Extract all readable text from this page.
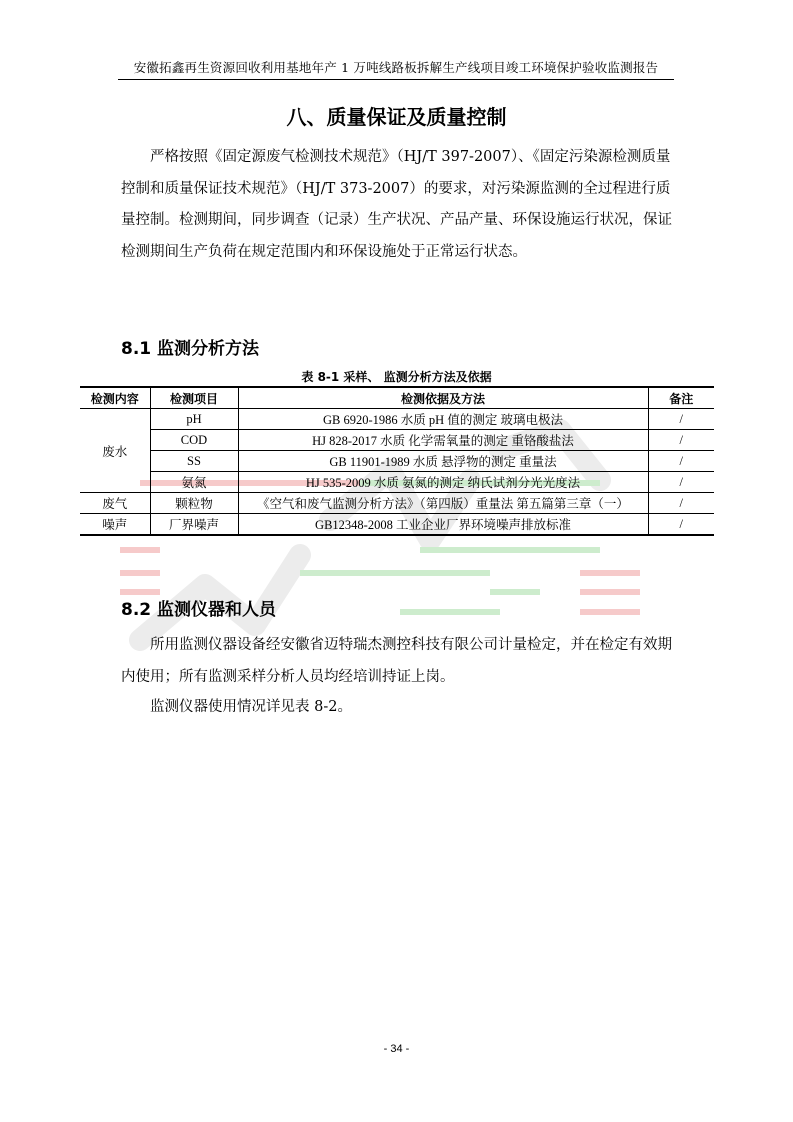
安徽拓鑫再生资源回收利用基地年产 1 万吨线路板拆解生产线项目竣工环境保护验收监测报告
八、质量保证及质量控制

严格按照《固定源废气检测技术规范》（HJ/T 397-2007）、《固定污染源检测质量控制和质量保证技术规范》（HJ/T 373-2007）的要求，对污染源监测的全过程进行质量控制。检测期间，同步调查（记录）生产状况、产品产量、环保设施运行状况，保证检测期间生产负荷在规定范围内和环保设施处于正常运行状态。

8.1 监测分析方法
表 8-1 采样、 监测分析方法及依据
检测内容	检测项目	检测依据及方法	备注
废水	pH	GB 6920-1986 水质 pH 值的测定 玻璃电极法	/
	COD	HJ 828-2017 水质 化学需氧量的测定 重铬酸盐法	/
	SS	GB 11901-1989 水质 悬浮物的测定 重量法	/
	氨氮	HJ 535-2009 水质 氨氮的测定 纳氏试剂分光光度法	/
废气	颗粒物	《空气和废气监测分析方法》（第四版）重量法 第五篇第三章（一）	/
噪声	厂界噪声	GB12348-2008 工业企业厂界环境噪声排放标准	/
8.2 监测仪器和人员

所用监测仪器设备经安徽省迈特瑞杰测控科技有限公司计量检定，并在检定有效期内使用；所有监测采样分析人员均经培训持证上岗。

监测仪器使用情况详见表 8-2。

- 34 -
